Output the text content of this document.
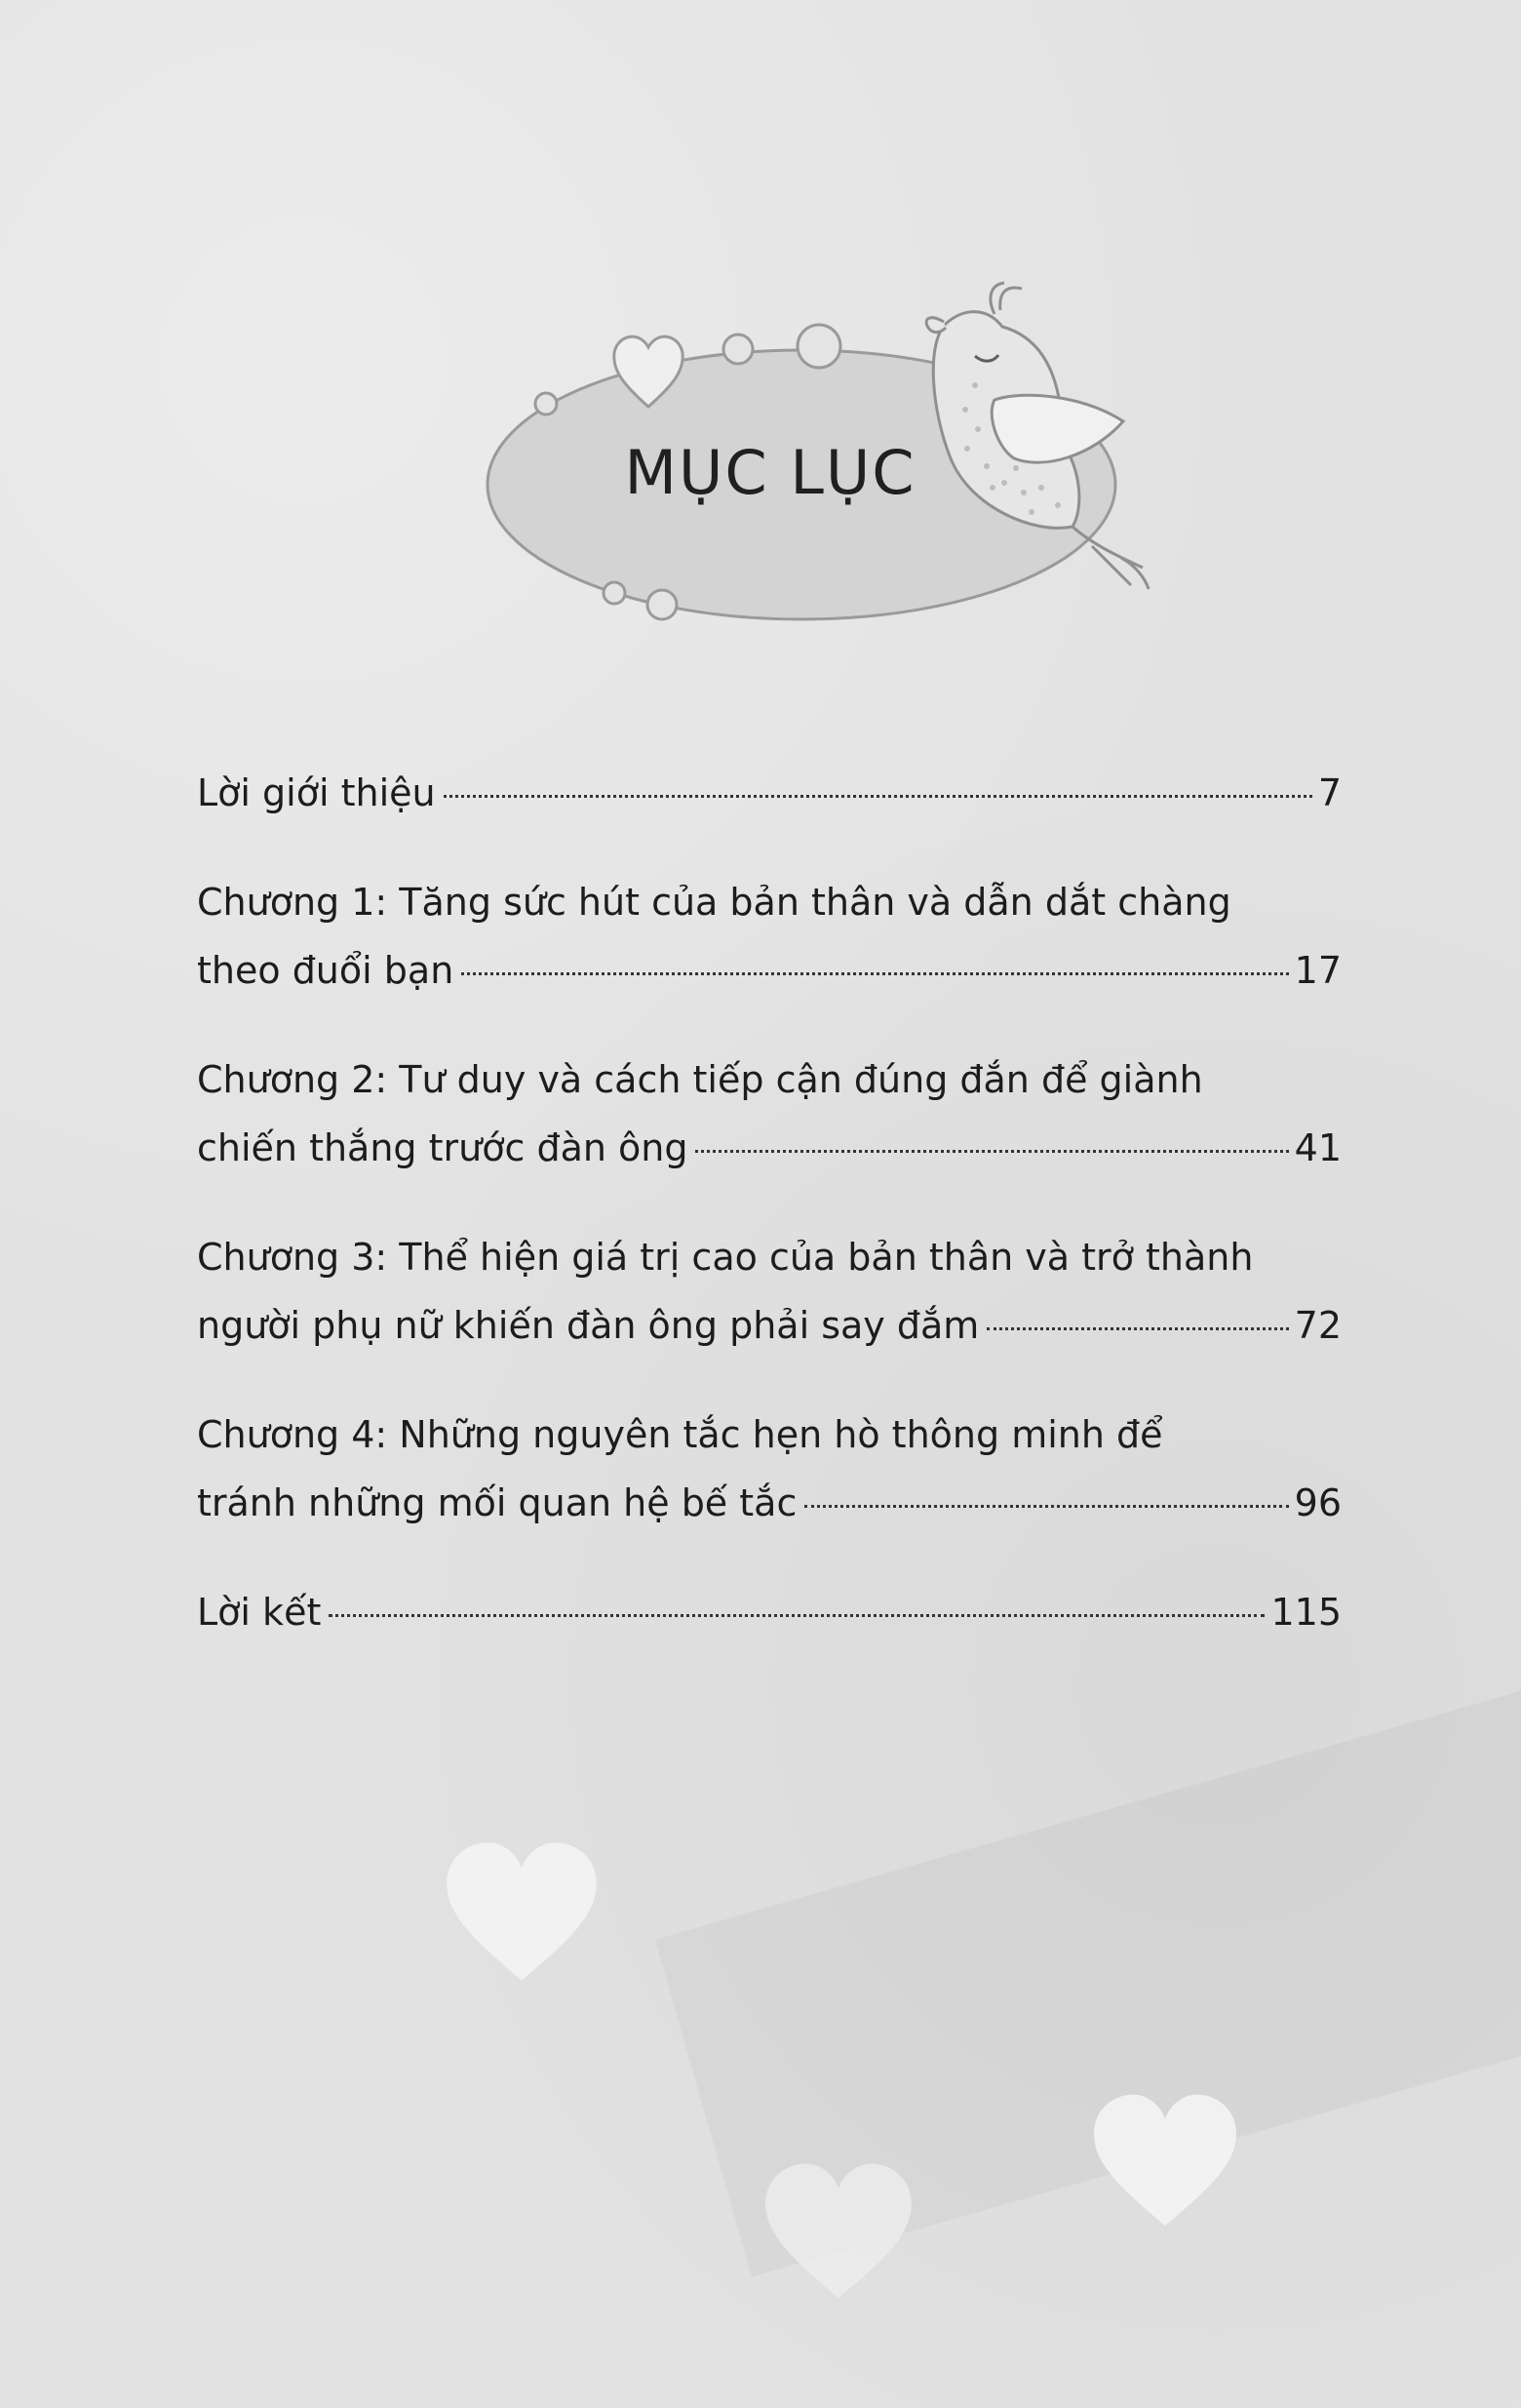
MỤC LỤC
Lời giới thiệu	7
Chương 1: Tăng sức hút của bản thân và dẫn dắt chàng
theo đuổi bạn	17
Chương 2: Tư duy và cách tiếp cận đúng đắn để giành
chiến thắng trước đàn ông	41
Chương 3: Thể hiện giá trị cao của bản thân và trở thành
người phụ nữ khiến đàn ông phải say đắm	72
Chương 4: Những nguyên tắc hẹn hò thông minh để
tránh những mối quan hệ bế tắc	96
Lời kết	115
